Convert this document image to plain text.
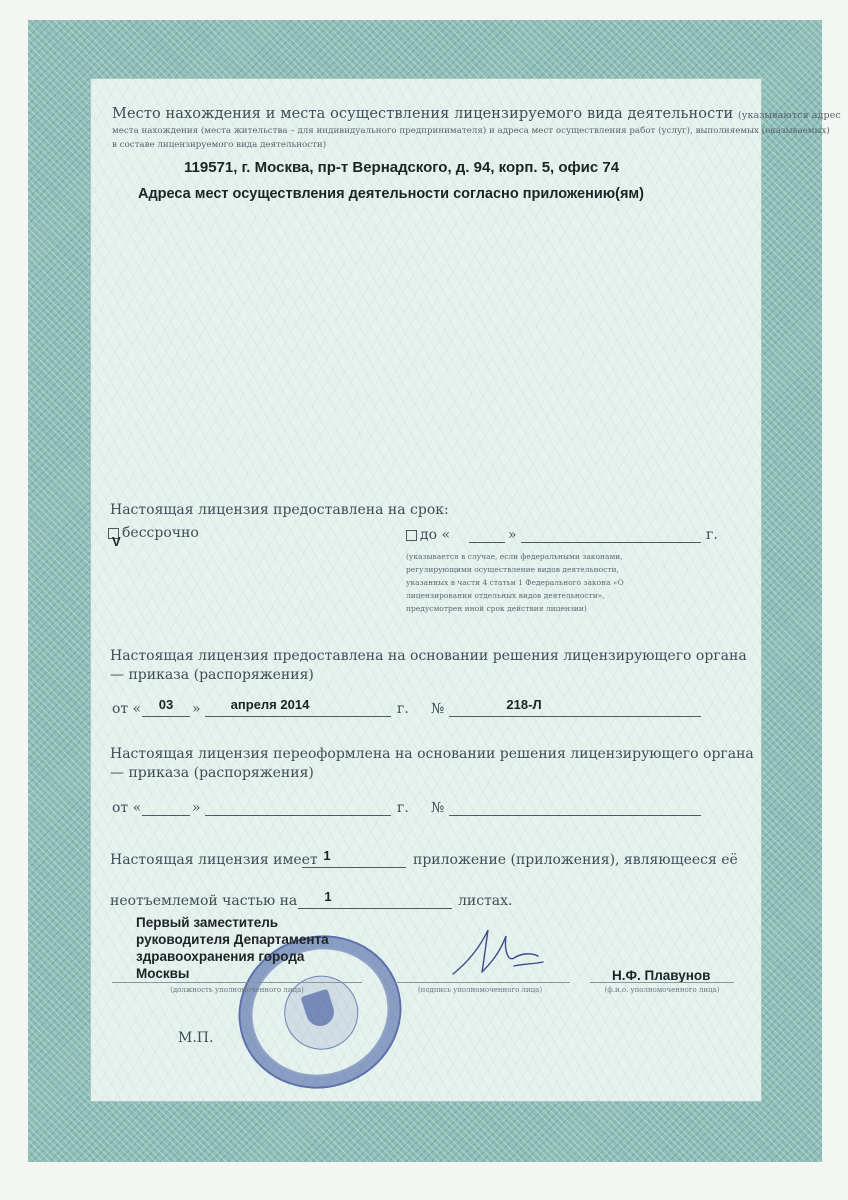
Место нахождения и места осуществления лицензируемого вида деятельности (указываются адрес
места нахождения (места жительства – для индивидуального предпринимателя) и адреса мест осуществления работ (услуг), выполняемых (оказываемых)
в составе лицензируемого вида деятельности)
119571, г. Москва, пр-т Вернадского, д. 94, корп. 5, офис 74
Адреса мест осуществления деятельности согласно приложению(ям)
Настоящая лицензия предоставлена на срок:
бессрочно
V	до «	»	г.
(указывается в случае, если федеральными законами, регулирующими осуществление видов деятельности, указанных в части 4 статьи 1 Федерального закона «О лицензировании отдельных видов деятельности», предусмотрен иной срок действия лицензии)
Настоящая лицензия предоставлена на основании решения лицензирующего органа
— приказа (распоряжения)
от «	03	»	апреля 2014	г. №	218-Л
Настоящая лицензия переоформлена на основании решения лицензирующего органа
— приказа (распоряжения)
от «	»	г. №
Настоящая лицензия имеет 1	приложение (приложения), являющееся её
неотъемлемой частью на	1	листах.
Первый заместитель
руководителя Департамента
здравоохранения города
Москвы
(должность уполномоченного лица)	(подпись уполномоченного лица)
Н.Ф. Плавунов
(ф.и.о. уполномоченного лица)
М.П.
